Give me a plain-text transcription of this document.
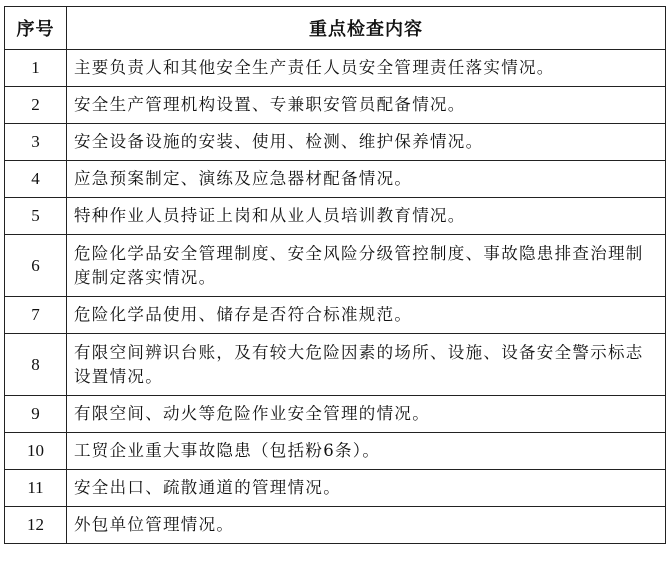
序号	重点检查内容
1	主要负责人和其他安全生产责任人员安全管理责任落实情况。
2	安全生产管理机构设置、专兼职安管员配备情况。
3	安全设备设施的安装、使用、检测、维护保养情况。
4	应急预案制定、演练及应急器材配备情况。
5	特种作业人员持证上岗和从业人员培训教育情况。
6	危险化学品安全管理制度、安全风险分级管控制度、事故隐患排查治理制度制定落实情况。
7	危险化学品使用、储存是否符合标准规范。
8	有限空间辨识台账，及有较大危险因素的场所、设施、设备安全警示标志设置情况。
9	有限空间、动火等危险作业安全管理的情况。
10	工贸企业重大事故隐患（包括粉6条）。
11	安全出口、疏散通道的管理情况。
12	外包单位管理情况。
